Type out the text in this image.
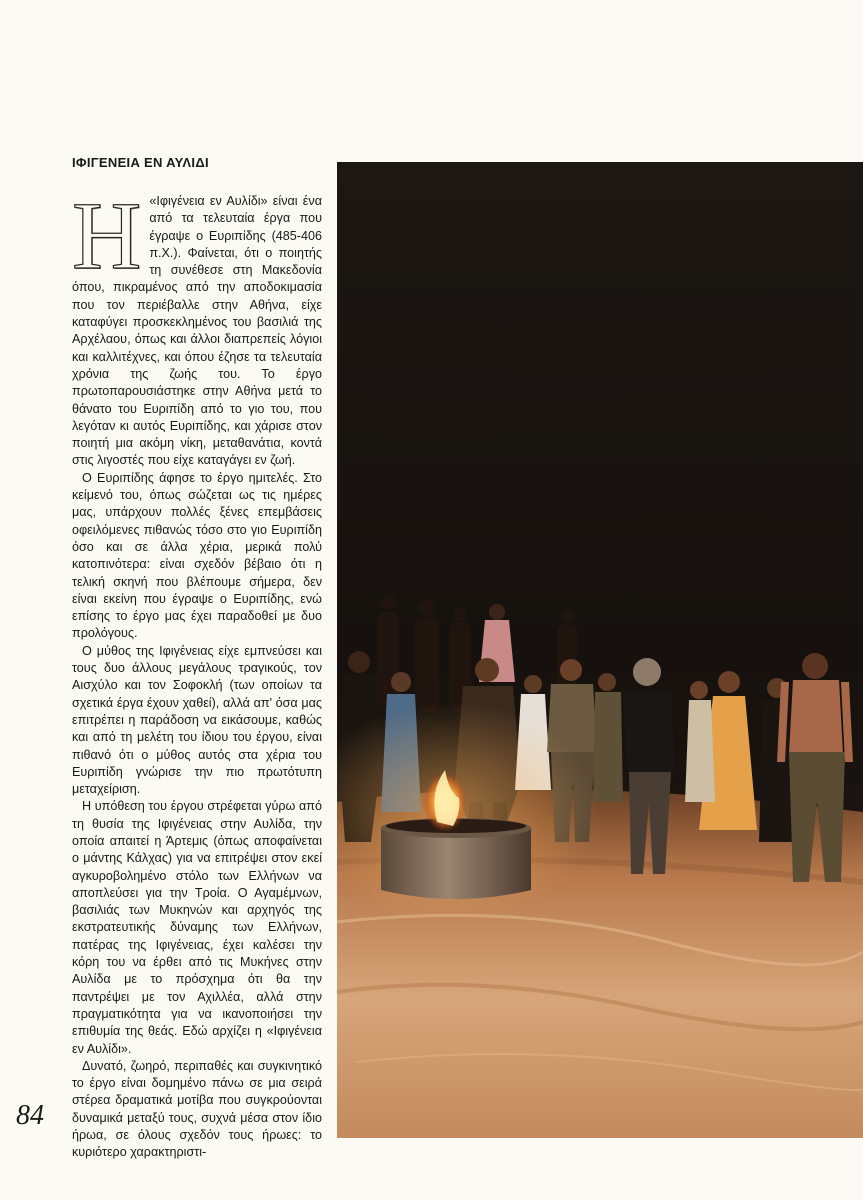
ΙΦΙΓΕΝΕΙΑ ΕΝ ΑΥΛΙΔΙ

Η «Ιφιγένεια εν Αυλίδι» είναι ένα από τα τελευταία έργα που έγραψε ο Ευριπίδης (485-406 π.Χ.). Φαίνεται, ότι ο ποιητής τη συνέθεσε στη Μακεδονία όπου, πικραμένος από την αποδοκιμασία που τον περιέβαλλε στην Αθήνα, είχε καταφύγει προσκεκλημένος του βασιλιά της Αρχέλαου, όπως και άλλοι διαπρεπείς λόγιοι και καλλιτέχνες, και όπου έζησε τα τελευταία χρόνια της ζωής του. Το έργο πρωτοπαρουσιάστηκε στην Αθήνα μετά το θάνατο του Ευριπίδη από το γιο του, που λεγόταν κι αυτός Ευριπίδης, και χάρισε στον ποιητή μια ακόμη νίκη, μεταθανάτια, κοντά στις λιγοστές που είχε καταγάγει εν ζωή.

Ο Ευριπίδης άφησε το έργο ημιτελές. Στο κείμενό του, όπως σώζεται ως τις ημέρες μας, υπάρχουν πολλές ξένες επεμβάσεις οφειλόμενες πιθανώς τόσο στο γιο Ευριπίδη όσο και σε άλλα χέρια, μερικά πολύ κατοπινότερα: είναι σχεδόν βέβαιο ότι η τελική σκηνή που βλέπουμε σήμερα, δεν είναι εκείνη που έγραψε ο Ευριπίδης, ενώ επίσης το έργο μας έχει παραδοθεί με δυο προλόγους.

Ο μύθος της Ιφιγένειας είχε εμπνεύσει και τους δυο άλλους μεγάλους τραγικούς, τον Αισχύλο και τον Σοφοκλή (των οποίων τα σχετικά έργα έχουν χαθεί), αλλά απ' όσα μας επιτρέπει η παράδοση να εικάσουμε, καθώς και από τη μελέτη του ίδιου του έργου, είναι πιθανό ότι ο μύθος αυτός στα χέρια του Ευριπίδη γνώρισε την πιο πρωτότυπη μεταχείριση.

Η υπόθεση του έργου στρέφεται γύρω από τη θυσία της Ιφιγένειας στην Αυλίδα, την οποία απαιτεί η Άρτεμις (όπως αποφαίνεται ο μάντης Κάλχας) για να επιτρέψει στον εκεί αγκυροβολημένο στόλο των Ελλήνων να αποπλεύσει για την Τροία. Ο Αγαμέμνων, βασιλιάς των Μυκηνών και αρχηγός της εκστρατευτικής δύναμης των Ελλήνων, πατέρας της Ιφιγένειας, έχει καλέσει την κόρη του να έρθει από τις Μυκήνες στην Αυλίδα με το πρόσχημα ότι θα την παντρέψει με τον Αχιλλέα, αλλά στην πραγματικότητα για να ικανοποιήσει την επιθυμία της θεάς. Εδώ αρχίζει η «Ιφιγένεια εν Αυλίδι».

Δυνατό, ζωηρό, περιπαθές και συγκινητικό το έργο είναι δομημένο πάνω σε μια σειρά στέρεα δραματικά μοτίβα που συγκρούονται δυναμικά μεταξύ τους, συχνά μέσα στον ίδιο ήρωα, σε όλους σχεδόν τους ήρωες: το κυριότερο χαρακτηριστι-

84
